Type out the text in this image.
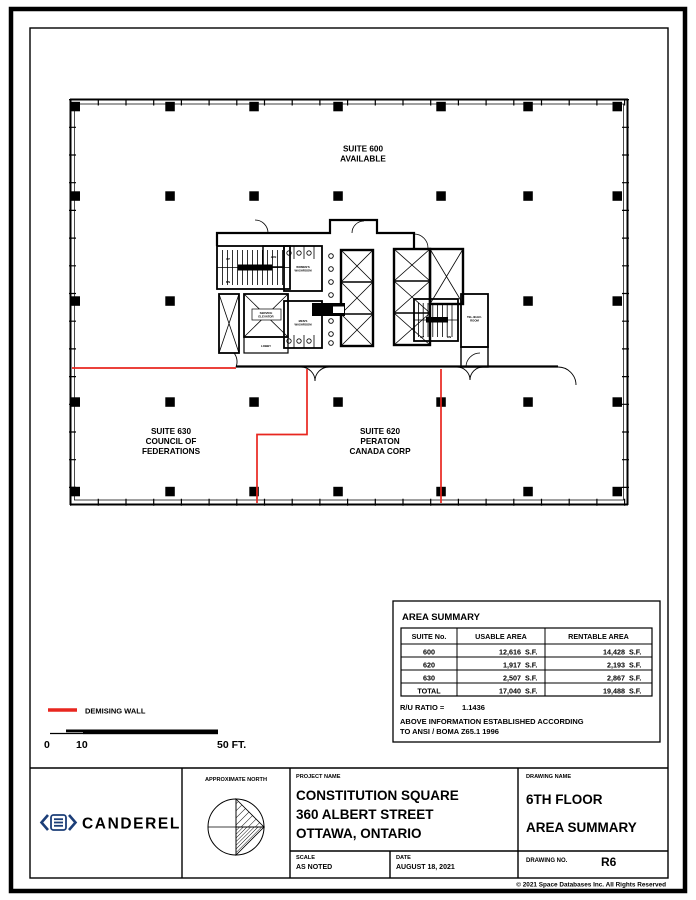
JAN
WOMEN'S
WASHROOM
MEN'S
WASHROOM
SERVICE
ELEVATOR
LOBBY
TEL./ELEC.
ROOM
UP
DN
UP	DN
SUITE 600
AVAILABLE
SUITE 630
COUNCIL OF
FEDERATIONS
SUITE 620
PERATON
CANADA CORP
AREA SUMMARY
SUITE No.	USABLE AREA	RENTABLE AREA
600	12,616 S.F.	14,428 S.F.
620	1,917 S.F.	2,193 S.F.
630	2,507 S.F.	2,867 S.F.
TOTAL	17,040 S.F.	19,488 S.F.
R/U RATIO = 1.1436
ABOVE INFORMATION ESTABLISHED ACCORDING
TO ANSI / BOMA Z65.1 1996
DEMISING WALL
0 10	50 FT.
CANDEREL
APPROXIMATE NORTH	PROJECT NAME
CONSTITUTION SQUARE
360 ALBERT STREET
OTTAWA, ONTARIO
SCALE
AS NOTED
DATE
AUGUST 18, 2021
DRAWING NAME
6TH FLOOR
AREA SUMMARY
DRAWING NO.	R6
© 2021 Space Databases Inc. All Rights Reserved
